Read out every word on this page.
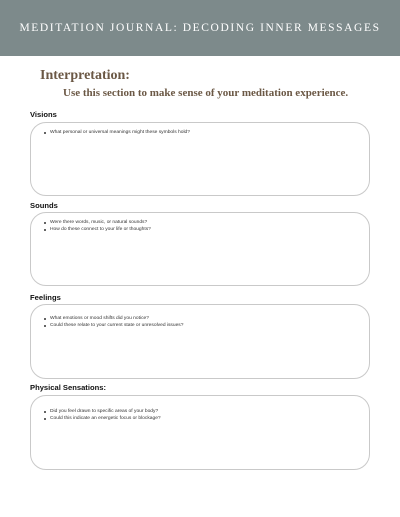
MEDITATION JOURNAL: DECODING INNER MESSAGES
Interpretation:
Use this section to make sense of your meditation experience.
Visions
What personal or universal meanings might these symbols hold?
Sounds
Were there words, music, or natural sounds?
How do these connect to your life or thoughts?
Feelings
What emotions or mood shifts did you notice?
Could these relate to your current state or unresolved issues?
Physical Sensations:
Did you feel drawn to specific areas of your body?
Could this indicate an energetic focus or blockage?
